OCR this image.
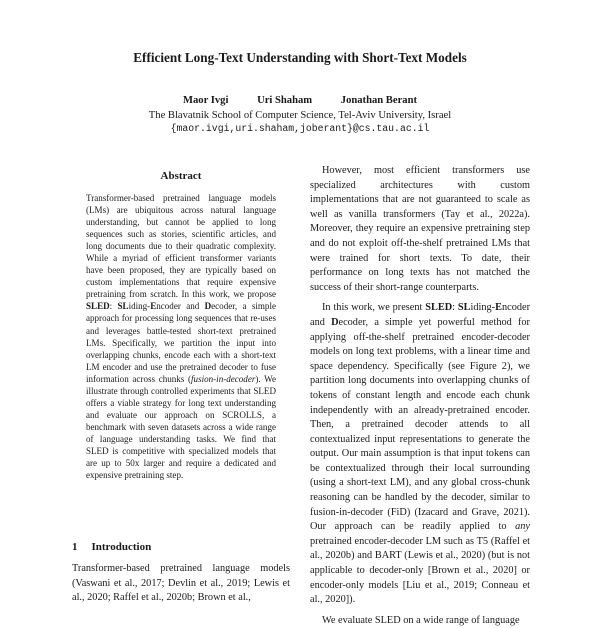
Efficient Long-Text Understanding with Short-Text Models
Maor Ivgi	Uri Shaham	Jonathan Berant
The Blavatnik School of Computer Science, Tel-Aviv University, Israel
{maor.ivgi,uri.shaham,joberant}@cs.tau.ac.il
Abstract

Transformer-based pretrained language models (LMs) are ubiquitous across natural language understanding, but cannot be applied to long sequences such as stories, scientific articles, and long documents due to their quadratic complexity. While a myriad of efficient transformer variants have been proposed, they are typically based on custom implementations that require expensive pretraining from scratch. In this work, we propose SLED: SLiding-Encoder and Decoder, a simple approach for processing long sequences that re-uses and leverages battle-tested short-text pretrained LMs. Specifically, we partition the input into overlapping chunks, encode each with a short-text LM encoder and use the pretrained decoder to fuse information across chunks (fusion-in-decoder). We illustrate through controlled experiments that SLED offers a viable strategy for long text understanding and evaluate our approach on SCROLLS, a benchmark with seven datasets across a wide range of language understanding tasks. We find that SLED is competitive with specialized models that are up to 50x larger and require a dedicated and expensive pretraining step.

1 Introduction

Transformer-based pretrained language models (Vaswani et al., 2017; Devlin et al., 2019; Lewis et al., 2020; Raffel et al., 2020b; Brown et al.,

However, most efficient transformers use specialized architectures with custom implementations that are not guaranteed to scale as well as vanilla transformers (Tay et al., 2022a). Moreover, they require an expensive pretraining step and do not exploit off-the-shelf pretrained LMs that were trained for short texts. To date, their performance on long texts has not matched the success of their short-range counterparts.

In this work, we present SLED: SLiding-Encoder and Decoder, a simple yet powerful method for applying off-the-shelf pretrained encoder-decoder models on long text problems, with a linear time and space dependency. Specifically (see Figure 2), we partition long documents into overlapping chunks of tokens of constant length and encode each chunk independently with an already-pretrained encoder. Then, a pretrained decoder attends to all contextualized input representations to generate the output. Our main assumption is that input tokens can be contextualized through their local surrounding (using a short-text LM), and any global cross-chunk reasoning can be handled by the decoder, similar to fusion-in-decoder (FiD) (Izacard and Grave, 2021). Our approach can be readily applied to any pretrained encoder-decoder LM such as T5 (Raffel et al., 2020b) and BART (Lewis et al., 2020) (but is not applicable to decoder-only [Brown et al., 2020] or encoder-only models [Liu et al., 2019; Conneau et al., 2020]).

We evaluate SLED on a wide range of language
